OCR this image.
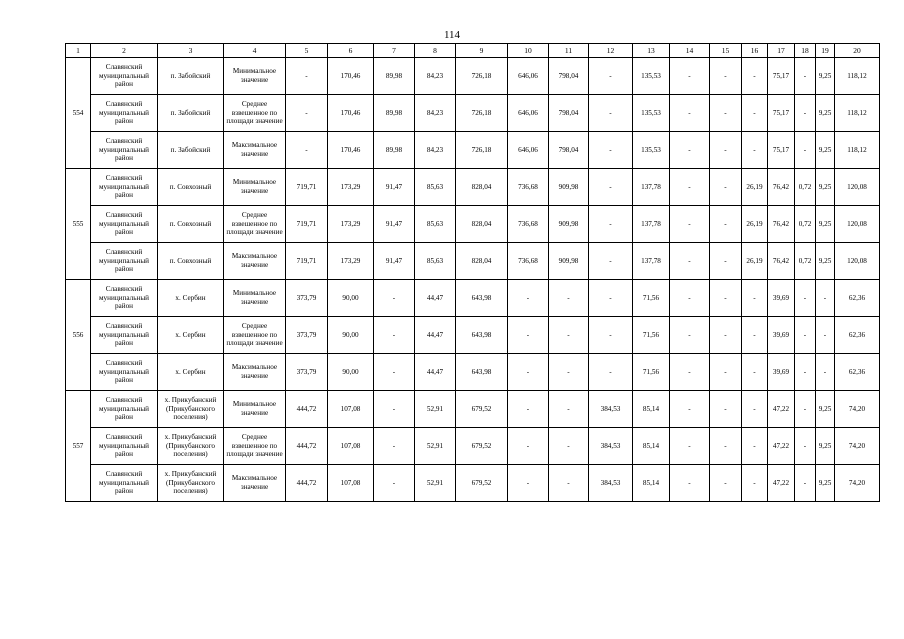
114
1	2	3	4	5	6	7	8	9	10	11	12	13	14	15	16	17	18	19	20
554	Славянский муниципальный район	п. Забойский	Минимальное значение	-	170,46	89,98	84,23	726,18	646,06	798,04	-	135,53	-	-	-	75,17	-	9,25	118,12
	Славянский муниципальный район	п. Забойский	Среднее взвешенное по площади значение	-	170,46	89,98	84,23	726,18	646,06	798,04	-	135,53	-	-	-	75,17	-	9,25	118,12
	Славянский муниципальный район	п. Забойский	Максимальное значение	-	170,46	89,98	84,23	726,18	646,06	798,04	-	135,53	-	-	-	75,17	-	9,25	118,12
555	Славянский муниципальный район	п. Совхозный	Минимальное значение	719,71	173,29	91,47	85,63	828,04	736,68	909,98	-	137,78	-	-	26,19	76,42	0,72	9,25	120,08
	Славянский муниципальный район	п. Совхозный	Среднее взвешенное по площади значение	719,71	173,29	91,47	85,63	828,04	736,68	909,98	-	137,78	-	-	26,19	76,42	0,72	9,25	120,08
	Славянский муниципальный район	п. Совхозный	Максимальное значение	719,71	173,29	91,47	85,63	828,04	736,68	909,98	-	137,78	-	-	26,19	76,42	0,72	9,25	120,08
556	Славянский муниципальный район	х. Сербин	Минимальное значение	373,79	90,00	-	44,47	643,98	-	-	-	71,56	-	-	-	39,69	-	-	62,36
	Славянский муниципальный район	х. Сербин	Среднее взвешенное по площади значение	373,79	90,00	-	44,47	643,98	-	-	-	71,56	-	-	-	39,69	-	-	62,36
	Славянский муниципальный район	х. Сербин	Максимальное значение	373,79	90,00	-	44,47	643,98	-	-	-	71,56	-	-	-	39,69	-	-	62,36
557	Славянский муниципальный район	х. Прикубанский (Прикубанского поселения)	Минимальное значение	444,72	107,08	-	52,91	679,52	-	-	384,53	85,14	-	-	-	47,22	-	9,25	74,20
	Славянский муниципальный район	х. Прикубанский (Прикубанского поселения)	Среднее взвешенное по площади значение	444,72	107,08	-	52,91	679,52	-	-	384,53	85,14	-	-	-	47,22	-	9,25	74,20
	Славянский муниципальный район	х. Прикубанский (Прикубанского поселения)	Максимальное значение	444,72	107,08	-	52,91	679,52	-	-	384,53	85,14	-	-	-	47,22	-	9,25	74,20
